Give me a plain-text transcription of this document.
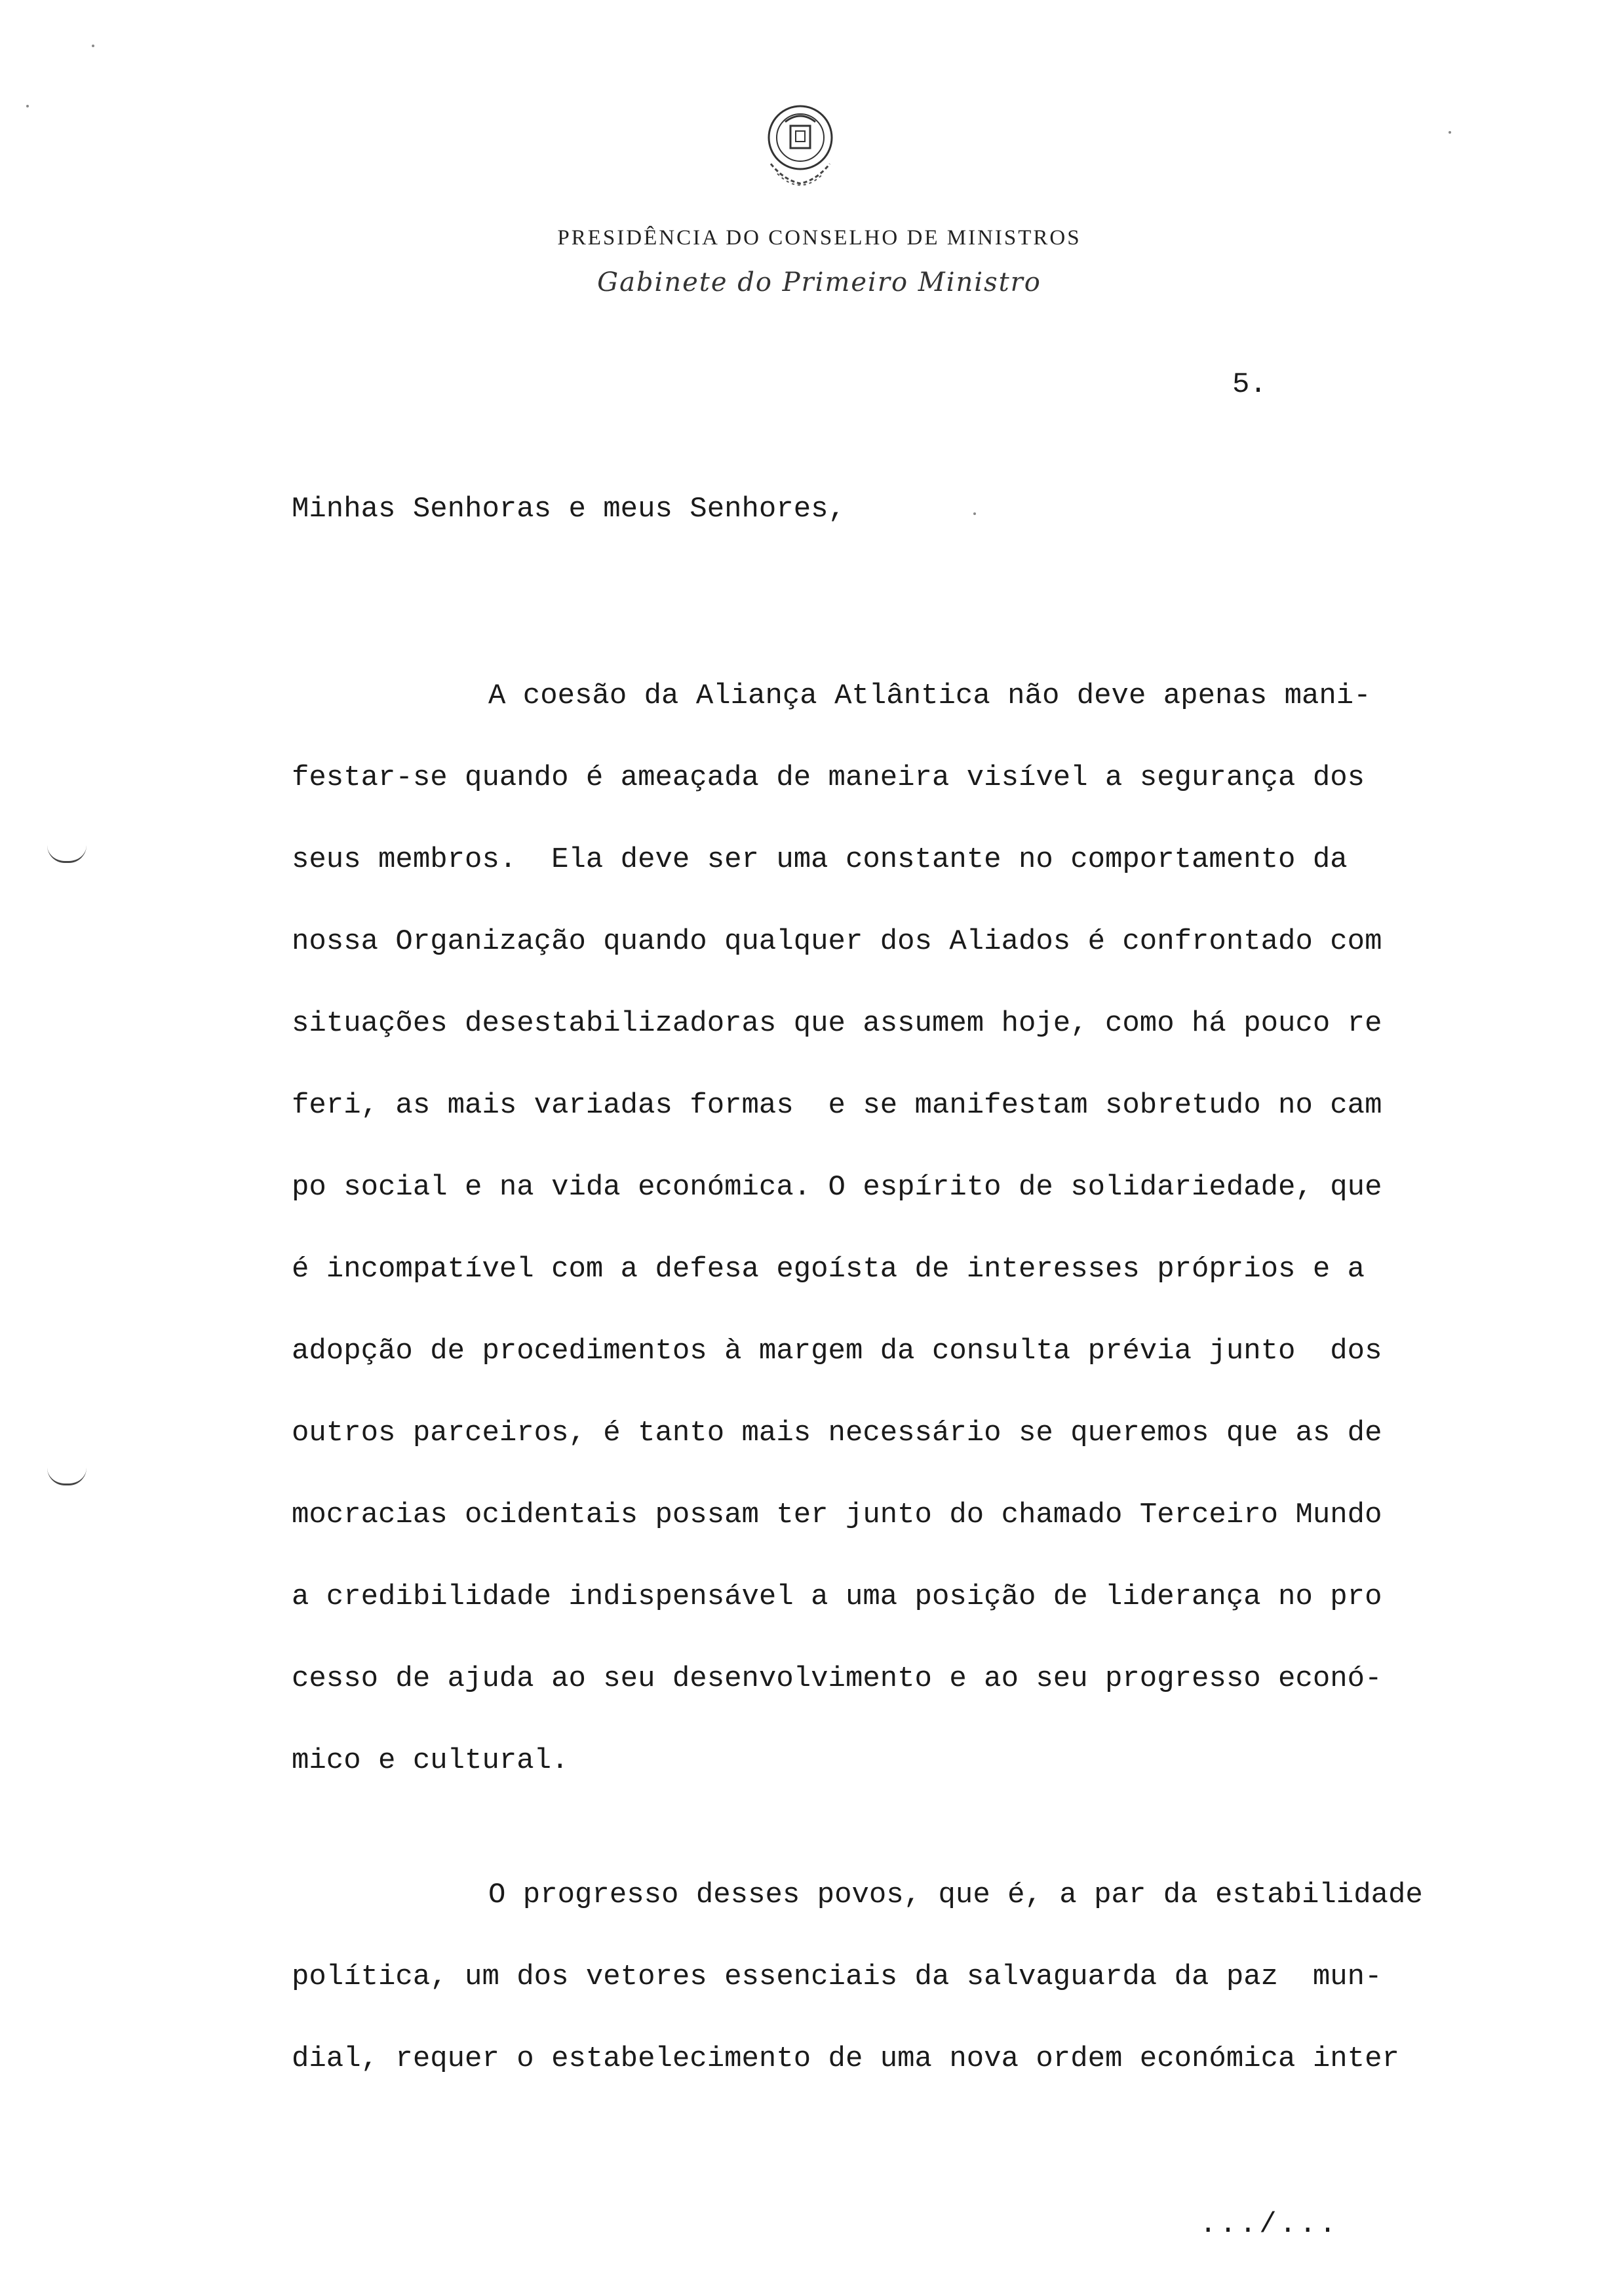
PRESIDÊNCIA DO CONSELHO DE MINISTROS
Gabinete do Primeiro Ministro
5.
Minhas Senhoras e meus Senhores,
A coesão da Aliança Atlântica não deve apenas mani-
festar-se quando é ameaçada de maneira visível a segurança dos
seus membros.  Ela deve ser uma constante no comportamento da
nossa Organização quando qualquer dos Aliados é confrontado com
situações desestabilizadoras que assumem hoje, como há pouco re
feri, as mais variadas formas  e se manifestam sobretudo no cam
po social e na vida económica. O espírito de solidariedade, que
é incompatível com a defesa egoísta de interesses próprios e a
adopção de procedimentos à margem da consulta prévia junto  dos
outros parceiros, é tanto mais necessário se queremos que as de
mocracias ocidentais possam ter junto do chamado Terceiro Mundo
a credibilidade indispensável a uma posição de liderança no pro
cesso de ajuda ao seu desenvolvimento e ao seu progresso econó-
mico e cultural.
O progresso desses povos, que é, a par da estabilidade
política, um dos vetores essenciais da salvaguarda da paz  mun-
dial, requer o estabelecimento de uma nova ordem económica inter
.../...
